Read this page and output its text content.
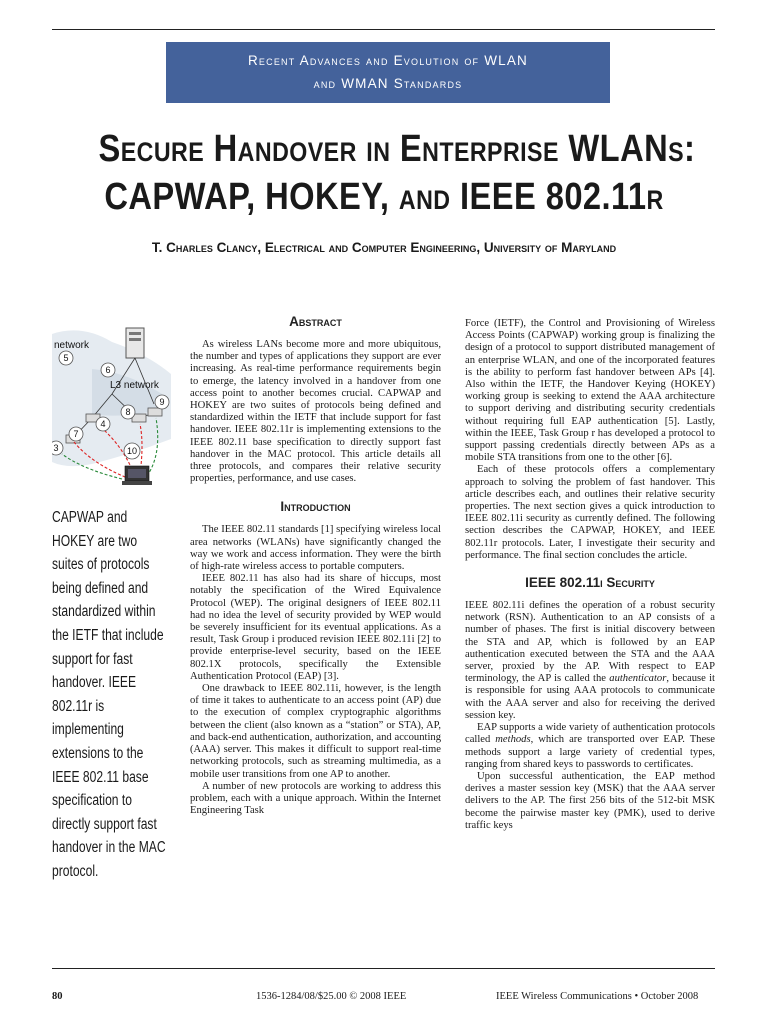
Recent Advances and Evolution of WLAN
and WMAN Standards
Secure Handover in Enterprise WLANs:
CAPWAP, HOKEY, and IEEE 802.11r
T. Charles Clancy, Electrical and Computer Engineering, University of Maryland
network
L3 network
5
6
9
8
4
7
3	10
CAPWAP and HOKEY are two suites of protocols being defined and standardized within the IETF that include support for fast handover. IEEE 802.11r is implementing extensions to the IEEE 802.11 base specification to directly support fast handover in the MAC protocol.
Abstract

As wireless LANs become more and more ubiquitous, the number and types of applications they support are ever increasing. As real-time performance requirements begin to emerge, the latency involved in a handover from one access point to another becomes crucial. CAPWAP and HOKEY are two suites of protocols being defined and standardized within the IETF that include support for fast handover. IEEE 802.11r is implementing extensions to the IEEE 802.11 base specification to directly support fast handover in the MAC protocol. This article details all three protocols, and compares their relative security properties, performance, and use cases.

Introduction

The IEEE 802.11 standards [1] specifying wireless local area networks (WLANs) have significantly changed the way we work and access information. They were the birth of high-rate wireless access to portable computers.

IEEE 802.11 has also had its share of hiccups, most notably the specification of the Wired Equivalence Protocol (WEP). The original designers of IEEE 802.11 had no idea the level of security provided by WEP would be severely insufficient for its eventual applications. As a result, Task Group i produced revision IEEE 802.11i [2] to provide enterprise-level security, based on the IEEE 802.1X protocols, specifically the Extensible Authentication Protocol (EAP) [3].

One drawback to IEEE 802.11i, however, is the length of time it takes to authenticate to an access point (AP) due to the execution of complex cryptographic algorithms between the client (also known as a “station” or STA), AP, and back-end authentication, authorization, and accounting (AAA) server. This makes it difficult to support real-time networking protocols, such as streaming multimedia, as a mobile user transitions from one AP to another.

A number of new protocols are working to address this problem, each with a unique approach. Within the Internet Engineering Task

Force (IETF), the Control and Provisioning of Wireless Access Points (CAPWAP) working group is finalizing the design of a protocol to support distributed management of an enterprise WLAN, and one of the incorporated features is the ability to perform fast handover between APs [4]. Also within the IETF, the Handover Keying (HOKEY) working group is seeking to extend the AAA architecture to support deriving and distributing security credentials without requiring full EAP authentication [5]. Lastly, within the IEEE, Task Group r has developed a protocol to support passing credentials directly between APs as a mobile STA transitions from one to the other [6].

Each of these protocols offers a complementary approach to solving the problem of fast handover. This article describes each, and outlines their relative security properties. The next section gives a quick introduction to IEEE 802.11i security as currently defined. The following section describes the CAPWAP, HOKEY, and IEEE 802.11r protocols. Later, I investigate their security and performance. The final section concludes the article.

IEEE 802.11i Security

IEEE 802.11i defines the operation of a robust security network (RSN). Authentication to an AP consists of a number of phases. The first is initial discovery between the STA and AP, which is followed by an EAP authentication executed between the STA and the AAA server, proxied by the AP. With respect to EAP terminology, the AP is called the authenticator, because it is responsible for using AAA protocols to communicate with the AAA server and also for receiving the derived session key.

EAP supports a wide variety of authentication protocols called methods, which are transported over EAP. These methods support a large variety of credential types, ranging from shared keys to passwords to certificates.

Upon successful authentication, the EAP method derives a master session key (MSK) that the AAA server delivers to the AP. The first 256 bits of the 512-bit MSK become the pairwise master key (PMK), used to derive traffic keys

80	1536-1284/08/$25.00 © 2008 IEEE	IEEE Wireless Communications • October 2008
